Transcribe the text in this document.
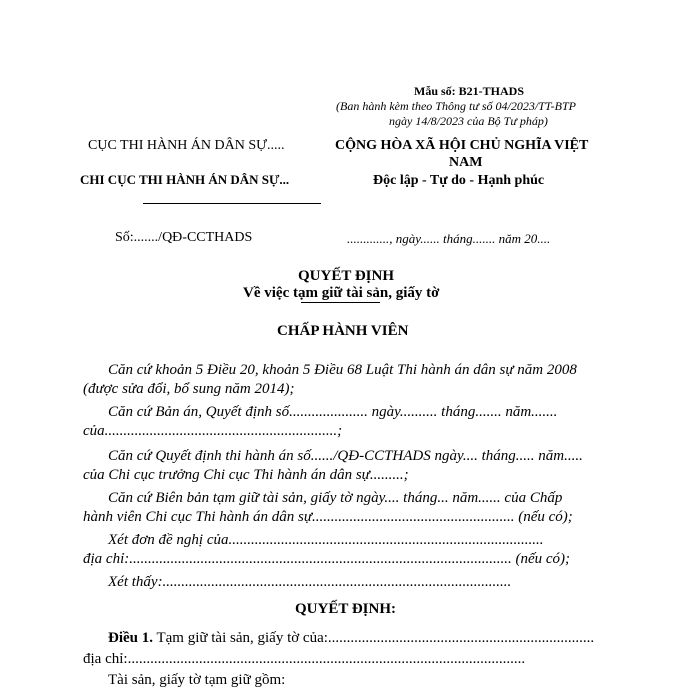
Mẫu số: B21-THADS
(Ban hành kèm theo Thông tư số 04/2023/TT-BTP
ngày 14/8/2023 của Bộ Tư pháp)
CỤC THI HÀNH ÁN DÂN SỰ.....
CHI CỤC THI HÀNH ÁN DÂN SỰ...
CỘNG HÒA XÃ HỘI CHỦ NGHĨA VIỆT
NAM
Độc lập - Tự do - Hạnh phúc
Số:......./QĐ-CCTHADS	............., ngày...... tháng....... năm 20....
QUYẾT ĐỊNH
Về việc tạm giữ tài sản, giấy tờ
CHẤP HÀNH VIÊN
Căn cứ khoản 5 Điều 20, khoản 5 Điều 68 Luật Thi hành án dân sự năm 2008
(được sửa đổi, bổ sung năm 2014);
Căn cứ Bản án, Quyết định số..................... ngày.......... tháng....... năm.......
của..............................................................;
Căn cứ Quyết định thi hành án số....../QĐ-CCTHADS ngày.... tháng..... năm.....
của Chi cục trưởng Chi cục Thi hành án dân sự.........;
Căn cứ Biên bản tạm giữ tài sản, giấy tờ ngày.... tháng... năm...... của Chấp
hành viên Chi cục Thi hành án dân sự...................................................... (nếu có);
Xét đơn đề nghị của....................................................................................
địa chỉ:...................................................................................................... (nếu có);
Xét thấy:.............................................................................................
QUYẾT ĐỊNH:
Điều 1. Tạm giữ tài sản, giấy tờ của:.......................................................................
địa chỉ:..........................................................................................................
Tài sản, giấy tờ tạm giữ gồm:
